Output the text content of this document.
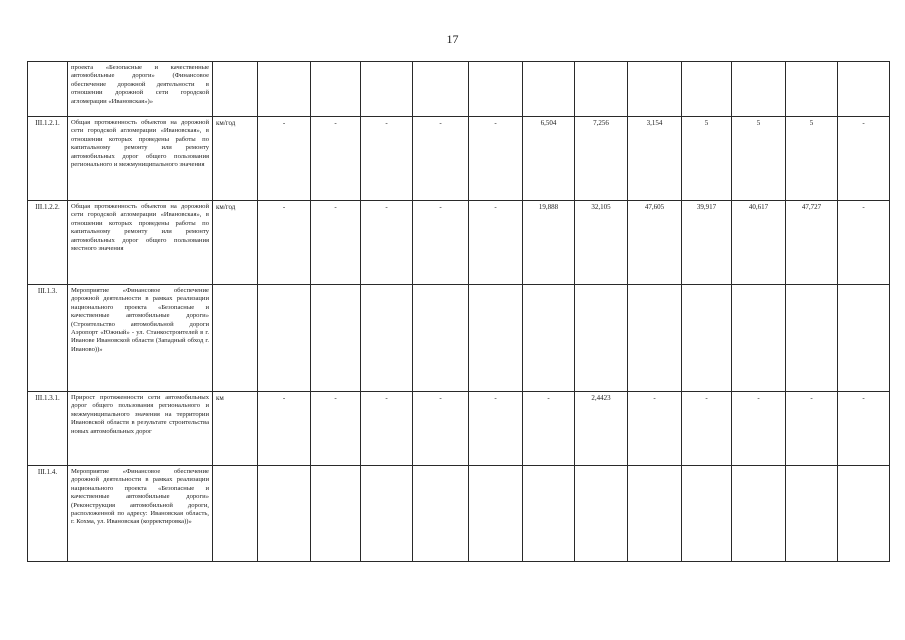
17
	проекта «Безопасные и качественные автомобильные дороги» (Финансовое обеспечение дорожной деятельности в отношении дорожной сети городской агломерации «Ивановская»)»													
III.1.2.1.	Общая протяженность объектов на дорожной сети городской агломерации «Ивановская», в отношении которых проведены работы по капитальному ремонту или ремонту автомобильных дорог общего пользования регионального и межмуниципального значения	км/год	-	-	-	-	-	6,504	7,256	3,154	5	5	5	-
III.1.2.2.	Общая протяженность объектов на дорожной сети городской агломерации «Ивановская», в отношении которых проведены работы по капитальному ремонту или ремонту автомобильных дорог общего пользования местного значения	км/год	-	-	-	-	-	19,888	32,105	47,605	39,917	40,617	47,727	-
III.1.3.	Мероприятие «Финансовое обеспечение дорожной деятельности в рамках реализации национального проекта «Безопасные и качественные автомобильные дороги» (Строительство автомобильной дороги Аэропорт «Южный» - ул. Станкостроителей в г. Иванове Ивановской области (Западный обход г. Иваново))»													
III.1.3.1.	Прирост протяженности сети автомобильных дорог общего пользования регионального и межмуниципального значения на территории Ивановской области в результате строительства новых автомобильных дорог	км	-	-	-	-	-	-	2,4423	-	-	-	-	-
III.1.4.	Мероприятие «Финансовое обеспечение дорожной деятельности в рамках реализации национального проекта «Безопасные и качественные автомобильные дороги» (Реконструкция автомобильной дороги, расположенной по адресу: Ивановская область, г. Кохма, ул. Ивановская (корректировка))»													
